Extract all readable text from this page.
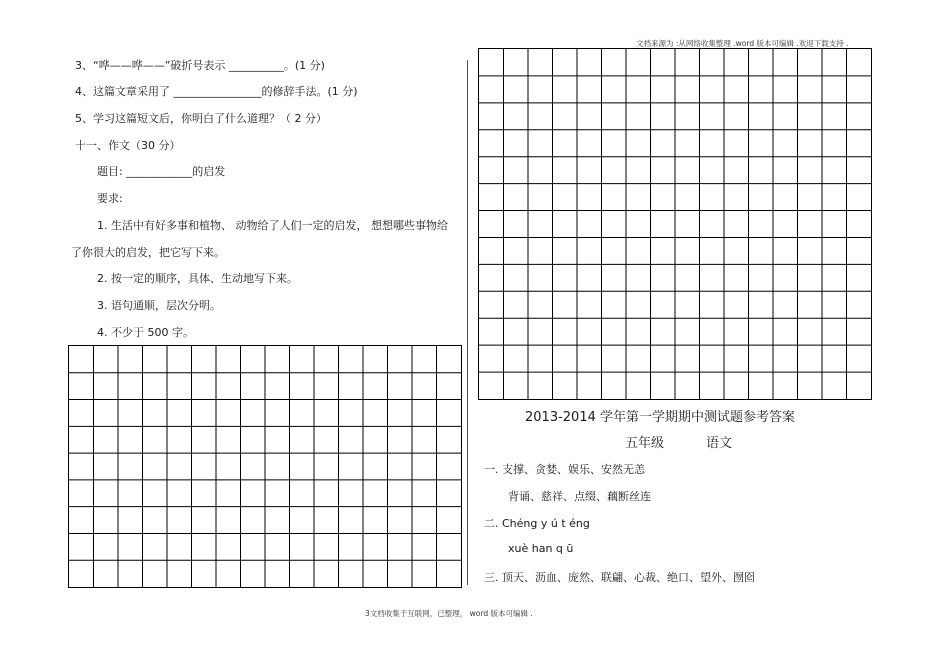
文档来源为 :从网络收集整理 .word 版本可编辑 .欢迎下载支持 .
3、“哗——哗——”破折号表示 __________。(1 分)
4、这篇文章采用了 ________________的修辞手法。(1 分)
5、学习这篇短文后，你明白了什么道理？（ 2 分）
十一、作文（30 分）
题目: ____________的启发
要求:
1. 生活中有好多事和植物、 动物给了人们一定的启发， 想想哪些事物给
了你很大的启发，把它写下来。
2. 按一定的顺序，具体、生动地写下来。
3. 语句通顺，层次分明。
4. 不少于 500 字。
2013-2014 学年第一学期期中测试题参考答案
五年级	语文
一. 支撑、贪婪、娱乐、安然无恙
背诵、慈祥、点缀、藕断丝连
二. Chéng y ú t éng
xuè han q ū
三. 顶天、沥血、庞然、联翩、心裁、绝口、望外、囫囵
3文档收集于互联网，已整理， word 版本可编辑 .
